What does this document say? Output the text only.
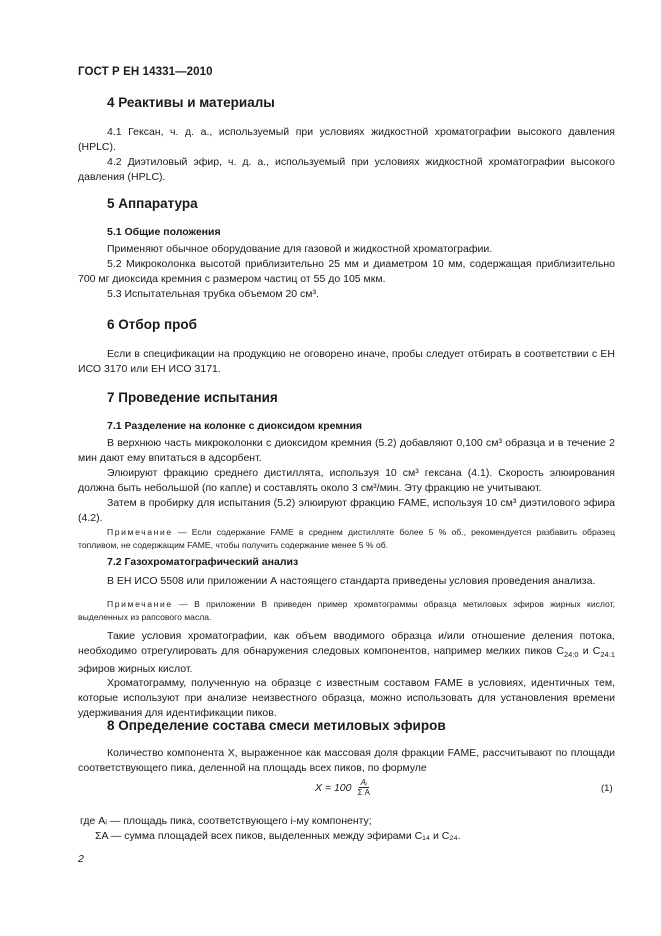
ГОСТ Р ЕН 14331—2010
4 Реактивы и материалы
4.1 Гексан, ч. д. а., используемый при условиях жидкостной хроматографии высокого давления (HPLC).
4.2 Диэтиловый эфир, ч. д. а., используемый при условиях жидкостной хроматографии высокого давления (HPLC).
5 Аппаратура
5.1 Общие положения
Применяют обычное оборудование для газовой и жидкостной хроматографии.
5.2 Микроколонка высотой приблизительно 25 мм и диаметром 10 мм, содержащая приблизительно 700 мг диоксида кремния с размером частиц от 55 до 105 мкм.
5.3 Испытательная трубка объемом 20 см³.
6 Отбор проб
Если в спецификации на продукцию не оговорено иначе, пробы следует отбирать в соответствии с ЕН ИСО 3170 или ЕН ИСО 3171.
7 Проведение испытания
7.1 Разделение на колонке с диоксидом кремния
В верхнюю часть микроколонки с диоксидом кремния (5.2) добавляют 0,100 см³ образца и в течение 2 мин дают ему впитаться в адсорбент.
Элюируют фракцию среднего дистиллята, используя 10 см³ гексана (4.1). Скорость элюирования должна быть небольшой (по капле) и составлять около 3 см³/мин. Эту фракцию не учитывают.
Затем в пробирку для испытания (5.2) элюируют фракцию FAME, используя 10 см³ диэтилового эфира (4.2).
Примечание — Если содержание FAME в среднем дистилляте более 5 % об., рекомендуется разбавить образец топливом, не содержащим FAME, чтобы получить содержание менее 5 % об.
7.2 Газохроматографический анализ
В ЕН ИСО 5508 или приложении А настоящего стандарта приведены условия проведения анализа.
Примечание — В приложении В приведен пример хроматограммы образца метиловых эфиров жирных кислот, выделенных из рапсового масла.
Такие условия хроматографии, как объем вводимого образца и/или отношение деления потока, необходимо отрегулировать для обнаружения следовых компонентов, например мелких пиков $C_{24:0}$ и $C_{24:1}$ эфиров жирных кислот.
Хроматограмму, полученную на образце с известным составом FAME в условиях, идентичных тем, которые используют при анализе неизвестного образца, можно использовать для установления времени удерживания для идентификации пиков.
8 Определение состава смеси метиловых эфиров
Количество компонента X, выраженное как массовая доля фракции FAME, рассчитывают по площади соответствующего пика, деленной на площадь всех пиков, по формуле
$X = 100 \frac{\text{Aᵢ}}{\text{Σ A}}$	(1)
где Aᵢ — площадь пика, соответствующего i-му компоненту;
ΣA — сумма площадей всех пиков, выделенных между эфирами C₁₄ и C₂₄.
2
